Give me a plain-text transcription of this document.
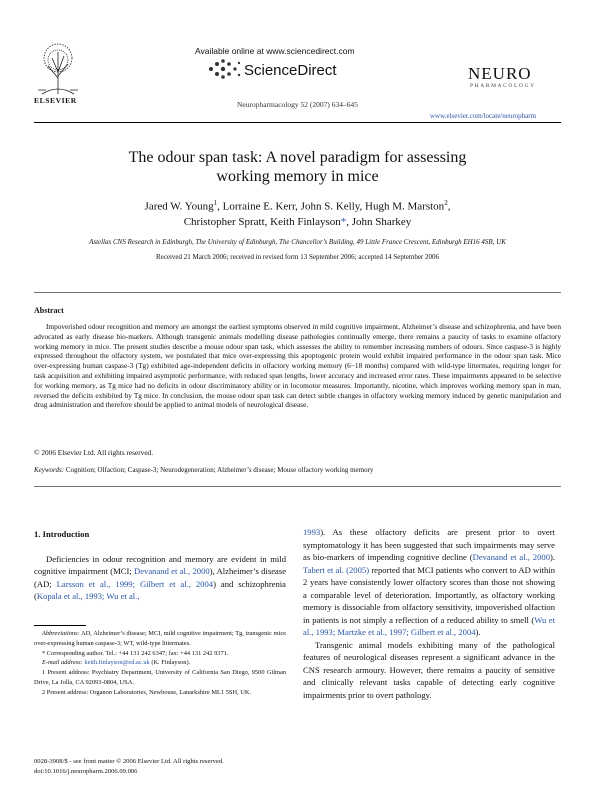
ELSEVIER
Available online at www.sciencedirect.com
ScienceDirect
Neuropharmacology 52 (2007) 634–645
NEURO
PHARMACOLOGY
www.elsevier.com/locate/neuropharm
The odour span task: A novel paradigm for assessing
working memory in mice
Jared W. Young$^1$, Lorraine E. Kerr, John S. Kelly, Hugh M. Marston$^2$,
Christopher Spratt, Keith Finlayson*, John Sharkey
Astellas CNS Research in Edinburgh, The University of Edinburgh, The Chancellor’s Building, 49 Little France Crescent, Edinburgh EH16 4SB, UK
Received 21 March 2006; received in revised form 13 September 2006; accepted 14 September 2006
Abstract

Impoverished odour recognition and memory are amongst the earliest symptoms observed in mild cognitive impairment, Alzheimer’s disease and schizophrenia, and have been advocated as early disease bio-markers. Although transgenic animals modelling disease pathologies continually emerge, there remains a paucity of tasks to examine olfactory working memory in mice. The present studies describe a mouse odour span task, which assesses the ability to remember increasing numbers of odours. Since caspase-3 is highly expressed throughout the olfactory system, we postulated that mice over-expressing this apoptogenic protein would exhibit impaired performance in the odour span task. Mice over-expressing human caspase-3 (Tg) exhibited age-independent deficits in olfactory working memory (6−18 months) compared with wild-type littermates, requiring longer for task acquisition and exhibiting impaired asymptotic performance, with reduced span lengths, lower accuracy and increased error rates. These impairments appeared to be selective for working memory, as Tg mice had no deficits in odour discriminatory ability or in locomotor measures. Importantly, nicotine, which improves working memory span in man, reversed the deficits exhibited by Tg mice. In conclusion, the mouse odour span task can detect subtle changes in olfactory working memory induced by genetic manipulation and drug administration and therefore should be applied to animal models of neurological disease.

© 2006 Elsevier Ltd. All rights reserved.
Keywords: Cognition; Olfaction; Caspase-3; Neurodegeneration; Alzheimer’s disease; Mouse olfactory working memory
1. Introduction

Deficiencies in odour recognition and memory are evident in mild cognitive impairment (MCI; Devanand et al., 2000), Alzheimer’s disease (AD; Larsson et al., 1999; Gilbert et al., 2004) and schizophrenia (Kopala et al., 1993; Wu et al.,

Abbreviations: AD, Alzheimer’s disease; MCI, mild cognitive impairment; Tg, transgenic mice over-expressing human caspase-3; WT, wild-type littermates.

* Corresponding author. Tel.: +44 131 242 6347; fax: +44 131 242 9371.

E-mail address: keith.finlayson@ed.ac.uk (K. Finlayson).

1 Present address: Psychiatry Department, University of California San Diego, 9500 Gilman Drive, La Jolla, CA 92093-0804, USA.

2 Present address: Organon Laboratories, Newhouse, Lanarkshire ML1 5SH, UK.

1993). As these olfactory deficits are present prior to overt symptomatology it has been suggested that such impairments may serve as bio-markers of impending cognitive decline (Devanand et al., 2000). Tabert et al. (2005) reported that MCI patients who convert to AD within 2 years have consistently lower olfactory scores than those not showing a comparable level of deterioration. Importantly, as olfactory working memory is dissociable from olfactory sensitivity, impoverished olfaction in patients is not simply a reflection of a reduced ability to smell (Wu et al., 1993; Martzke et al., 1997; Gilbert et al., 2004).

Transgenic animal models exhibiting many of the pathological features of neurological diseases represent a significant advance in the CNS research armoury. However, there remains a paucity of sensitive and clinically relevant tasks capable of detecting early cognitive impairments prior to overt pathology.

0028-3908/$ - see front matter © 2006 Elsevier Ltd. All rights reserved.
doi:10.1016/j.neuropharm.2006.09.006
